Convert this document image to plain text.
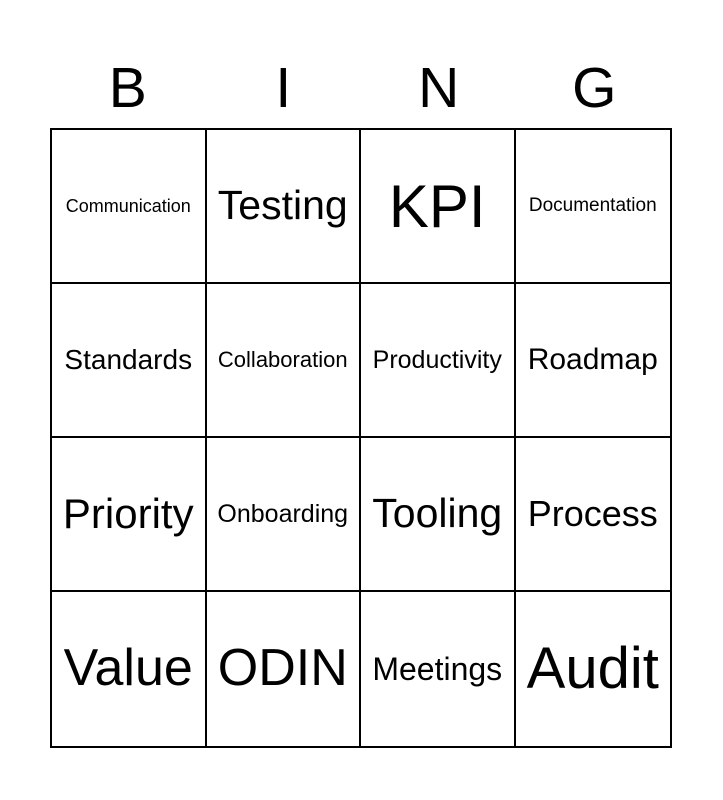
B	I	N	G
Communication Testing KPI Documentation
Standards Collaboration Productivity Roadmap
Priority Onboarding Tooling Process
Value ODIN Meetings Audit
